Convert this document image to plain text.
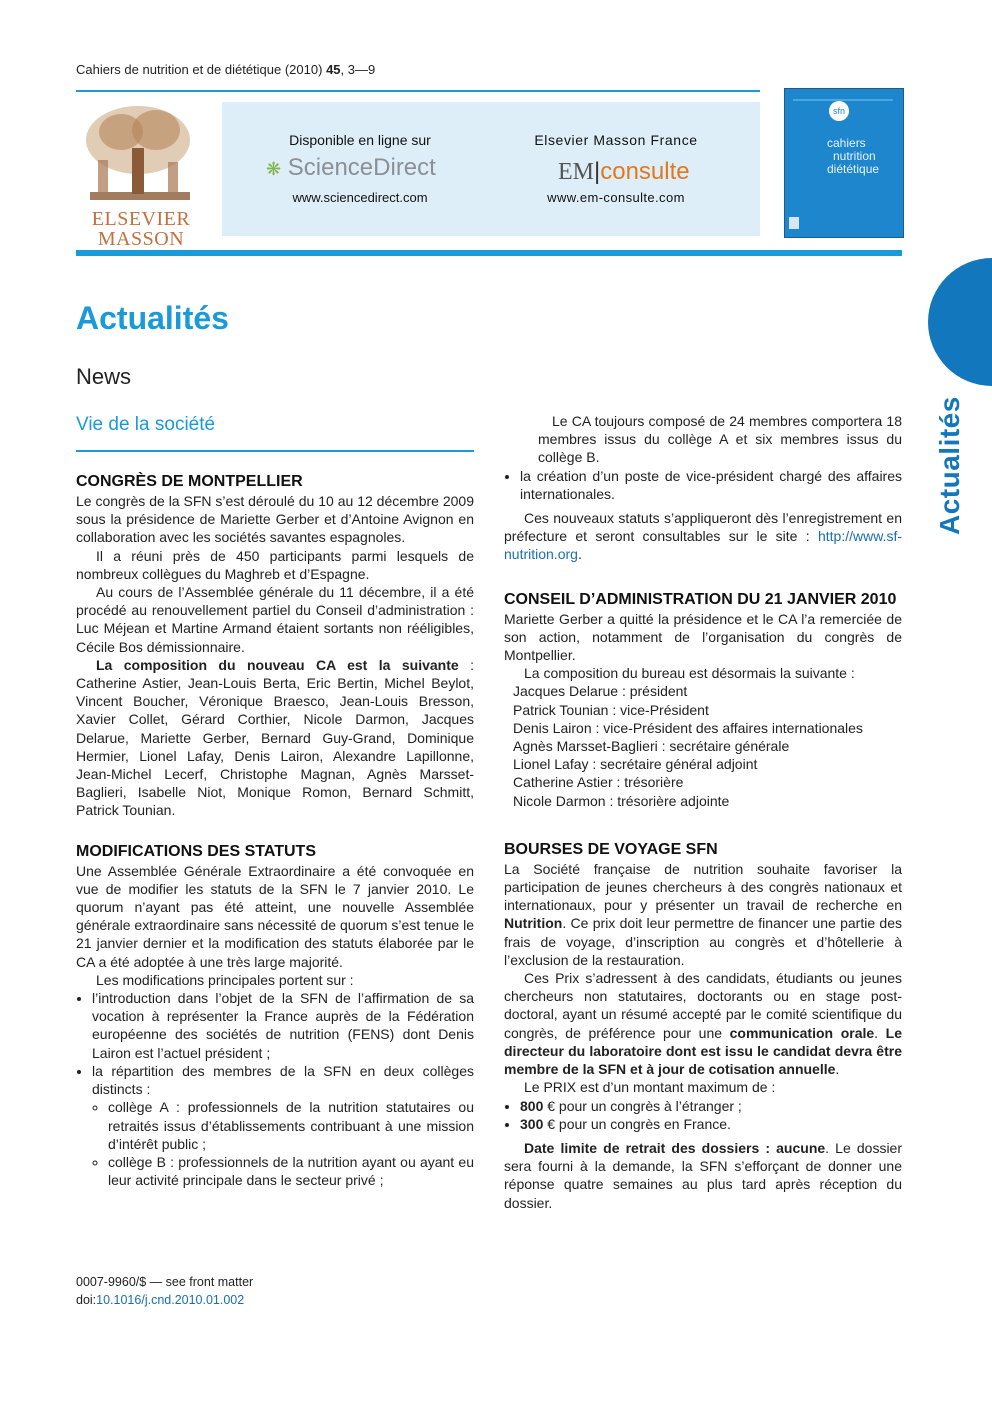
Cahiers de nutrition et de diététique (2010) 45, 3—9
ELSEVIER
MASSON
Disponible en ligne sur
❋ ScienceDirect
www.sciencedirect.com
Elsevier Masson France
EM|consulte
www.em-consulte.com
sfn
cahiers
nutrition
diététique
Actualités
Actualités
News
Vie de la société
CONGRÈS DE MONTPELLIER

Le congrès de la SFN s’est déroulé du 10 au 12 décembre 2009 sous la présidence de Mariette Gerber et d’Antoine Avignon en collaboration avec les sociétés savantes espagnoles.

Il a réuni près de 450 participants parmi lesquels de nombreux collègues du Maghreb et d’Espagne.

Au cours de l’Assemblée générale du 11 décembre, il a été procédé au renouvellement partiel du Conseil d’administration : Luc Méjean et Martine Armand étaient sortants non rééligibles, Cécile Bos démissionnaire.

La composition du nouveau CA est la suivante : Catherine Astier, Jean-Louis Berta, Eric Bertin, Michel Beylot, Vincent Boucher, Véronique Braesco, Jean-Louis Bresson, Xavier Collet, Gérard Corthier, Nicole Darmon, Jacques Delarue, Mariette Gerber, Bernard Guy-Grand, Dominique Hermier, Lionel Lafay, Denis Lairon, Alexandre Lapillonne, Jean-Michel Lecerf, Christophe Magnan, Agnès Marsset-Baglieri, Isabelle Niot, Monique Romon, Bernard Schmitt, Patrick Tounian.

MODIFICATIONS DES STATUTS

Une Assemblée Générale Extraordinaire a été convoquée en vue de modifier les statuts de la SFN le 7 janvier 2010. Le quorum n’ayant pas été atteint, une nouvelle Assemblée générale extraordinaire sans nécessité de quorum s’est tenue le 21 janvier dernier et la modification des statuts élaborée par le CA a été adoptée à une très large majorité.

Les modifications principales portent sur :

• l’introduction dans l’objet de la SFN de l’affirmation de sa vocation à représenter la France auprès de la Fédération européenne des sociétés de nutrition (FENS) dont Denis Lairon est l’actuel président ;
• la répartition des membres de la SFN en deux collèges distincts :
◦ collège A : professionnels de la nutrition statutaires ou retraités issus d’établissements contribuant à une mission d’intérêt public ;
◦ collège B : professionnels de la nutrition ayant ou ayant eu leur activité principale dans le secteur privé ;

Le CA toujours composé de 24 membres comportera 18 membres issus du collège A et six membres issus du collège B.

• la création d’un poste de vice-président chargé des affaires internationales.

Ces nouveaux statuts s’appliqueront dès l’enregistrement en préfecture et seront consultables sur le site : http://www.sf-nutrition.org.

CONSEIL D’ADMINISTRATION DU 21 JANVIER 2010

Mariette Gerber a quitté la présidence et le CA l’a remerciée de son action, notamment de l’organisation du congrès de Montpellier.

La composition du bureau est désormais la suivante :

Jacques Delarue : président
Patrick Tounian : vice-Président
Denis Lairon : vice-Président des affaires internationales
Agnès Marsset-Baglieri : secrétaire générale
Lionel Lafay : secrétaire général adjoint
Catherine Astier : trésorière
Nicole Darmon : trésorière adjointe
BOURSES DE VOYAGE SFN

La Société française de nutrition souhaite favoriser la participation de jeunes chercheurs à des congrès nationaux et internationaux, pour y présenter un travail de recherche en Nutrition. Ce prix doit leur permettre de financer une partie des frais de voyage, d’inscription au congrès et d’hôtellerie à l’exclusion de la restauration.

Ces Prix s’adressent à des candidats, étudiants ou jeunes chercheurs non statutaires, doctorants ou en stage post-doctoral, ayant un résumé accepté par le comité scientifique du congrès, de préférence pour une communication orale. Le directeur du laboratoire dont est issu le candidat devra être membre de la SFN et à jour de cotisation annuelle.

Le PRIX est d’un montant maximum de :

• 800 € pour un congrès à l’étranger ;
• 300 € pour un congrès en France.

Date limite de retrait des dossiers : aucune. Le dossier sera fourni à la demande, la SFN s’efforçant de donner une réponse quatre semaines au plus tard après réception du dossier.

0007-9960/$ — see front matter
doi:10.1016/j.cnd.2010.01.002
